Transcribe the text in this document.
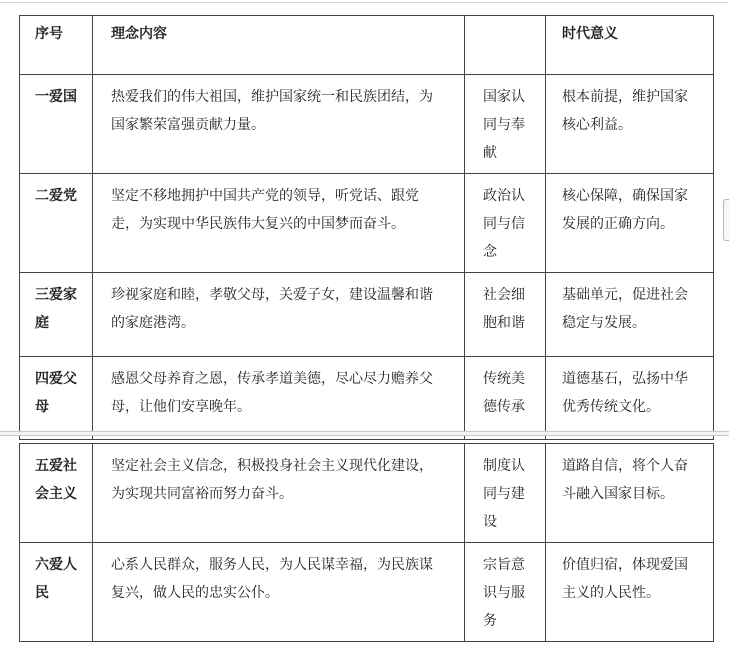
序号	理念内容		时代意义
一爱国	热爱我们的伟大祖国，维护国家统一和民族团结，为国家繁荣富强贡献力量。	国家认同与奉献	根本前提，维护国家核心利益。
二爱党	坚定不移地拥护中国共产党的领导，听党话、跟党走，为实现中华民族伟大复兴的中国梦而奋斗。	政治认同与信念	核心保障，确保国家发展的正确方向。
三爱家庭	珍视家庭和睦，孝敬父母，关爱子女，建设温馨和谐的家庭港湾。	社会细胞和谐	基础单元，促进社会稳定与发展。
四爱父母	感恩父母养育之恩，传承孝道美德，尽心尽力赡养父母，让他们安享晚年。	传统美德传承	道德基石，弘扬中华优秀传统文化。
五爱社会主义	坚定社会主义信念，积极投身社会主义现代化建设，为实现共同富裕而努力奋斗。	制度认同与建设	道路自信，将个人奋斗融入国家目标。
六爱人民	心系人民群众，服务人民，为人民谋幸福，为民族谋复兴，做人民的忠实公仆。	宗旨意识与服务	价值归宿，体现爱国主义的人民性。
